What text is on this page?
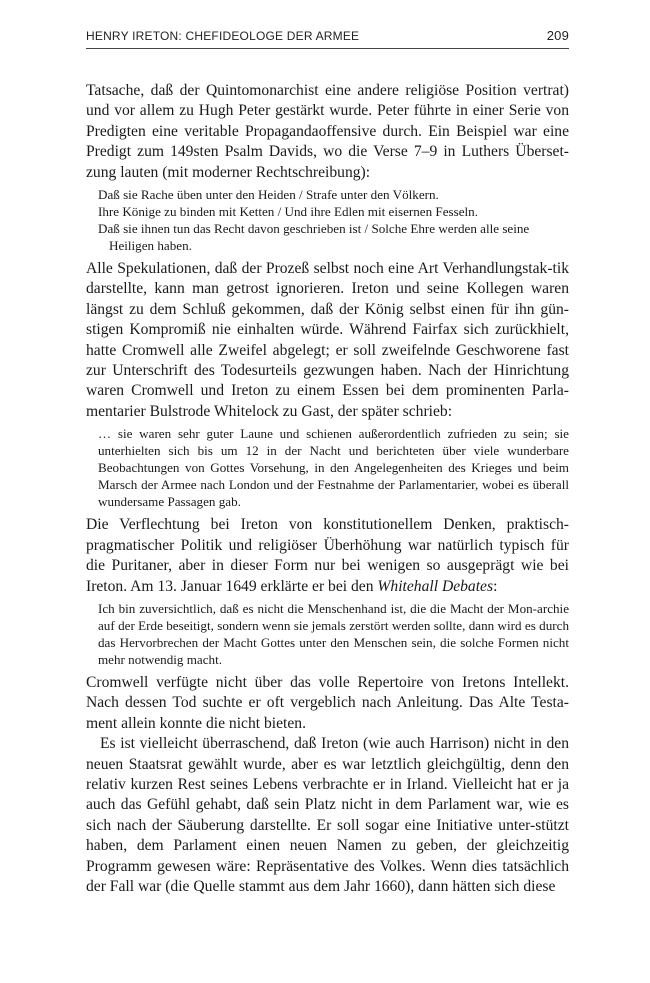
HENRY IRETON: CHEFIDEOLOGE DER ARMEE	209

Tatsache, daß der Quintomonarchist eine andere religiöse Position vertrat) und vor allem zu Hugh Peter gestärkt wurde. Peter führte in einer Serie von Predigten eine veritable Propagandaoffensive durch. Ein Beispiel war eine Predigt zum 149sten Psalm Davids, wo die Verse 7–9 in Luthers Überset-zung lauten (mit moderner Rechtschreibung):

Daß sie Rache üben unter den Heiden / Strafe unter den Völkern.
Ihre Könige zu binden mit Ketten / Und ihre Edlen mit eisernen Fesseln.
Daß sie ihnen tun das Recht davon geschrieben ist / Solche Ehre werden alle seine Heiligen haben.

Alle Spekulationen, daß der Prozeß selbst noch eine Art Verhandlungstak-tik darstellte, kann man getrost ignorieren. Ireton und seine Kollegen waren längst zu dem Schluß gekommen, daß der König selbst einen für ihn gün-stigen Kompromiß nie einhalten würde. Während Fairfax sich zurückhielt, hatte Cromwell alle Zweifel abgelegt; er soll zweifelnde Geschworene fast zur Unterschrift des Todesurteils gezwungen haben. Nach der Hinrichtung waren Cromwell und Ireton zu einem Essen bei dem prominenten Parla-mentarier Bulstrode Whitelock zu Gast, der später schrieb:

… sie waren sehr guter Laune und schienen außerordentlich zufrieden zu sein; sie unterhielten sich bis um 12 in der Nacht und berichteten über viele wunderbare Beobachtungen von Gottes Vorsehung, in den Angelegenheiten des Krieges und beim Marsch der Armee nach London und der Festnahme der Parlamentarier, wobei es überall wundersame Passagen gab.

Die Verflechtung bei Ireton von konstitutionellem Denken, praktisch-pragmatischer Politik und religiöser Überhöhung war natürlich typisch für die Puritaner, aber in dieser Form nur bei wenigen so ausgeprägt wie bei Ireton. Am 13. Januar 1649 erklärte er bei den Whitehall Debates:

Ich bin zuversichtlich, daß es nicht die Menschenhand ist, die die Macht der Mon-archie auf der Erde beseitigt, sondern wenn sie jemals zerstört werden sollte, dann wird es durch das Hervorbrechen der Macht Gottes unter den Menschen sein, die solche Formen nicht mehr notwendig macht.

Cromwell verfügte nicht über das volle Repertoire von Iretons Intellekt. Nach dessen Tod suchte er oft vergeblich nach Anleitung. Das Alte Testa-ment allein konnte die nicht bieten.

Es ist vielleicht überraschend, daß Ireton (wie auch Harrison) nicht in den neuen Staatsrat gewählt wurde, aber es war letztlich gleichgültig, denn den relativ kurzen Rest seines Lebens verbrachte er in Irland. Vielleicht hat er ja auch das Gefühl gehabt, daß sein Platz nicht in dem Parlament war, wie es sich nach der Säuberung darstellte. Er soll sogar eine Initiative unter-stützt haben, dem Parlament einen neuen Namen zu geben, der gleichzeitig Programm gewesen wäre: Repräsentative des Volkes. Wenn dies tatsächlich der Fall war (die Quelle stammt aus dem Jahr 1660), dann hätten sich diese
